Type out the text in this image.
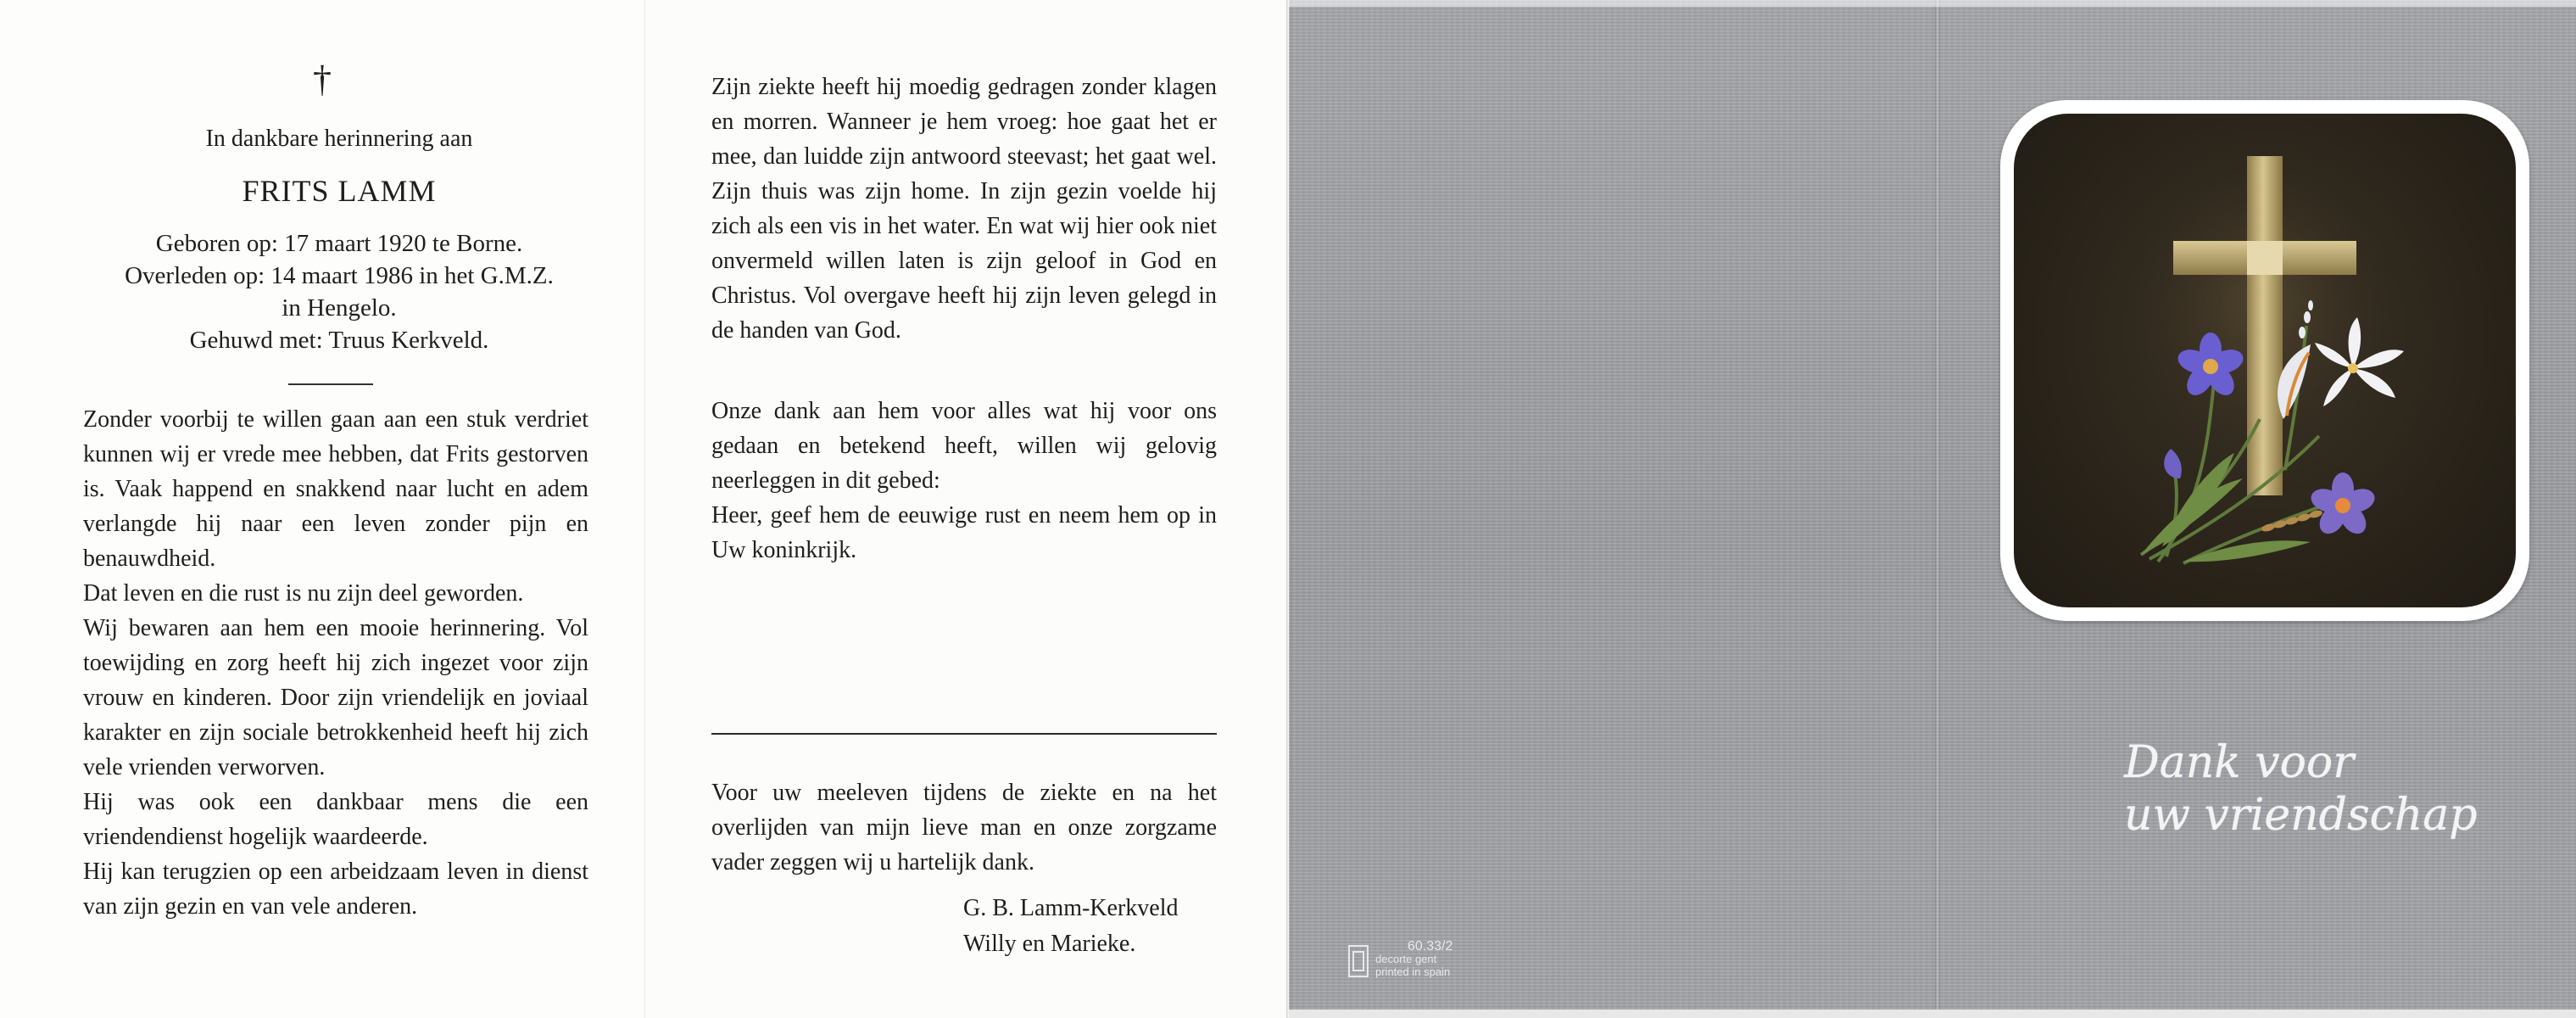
†
In dankbare herinnering aan
FRITS LAMM
Geboren op: 17 maart 1920 te Borne.
Overleden op: 14 maart 1986 in het G.M.Z.
in Hengelo.
Gehuwd met: Truus Kerkveld.

Zonder voorbij te willen gaan aan een stuk verdriet kunnen wij er vrede mee hebben, dat Frits gestorven is. Vaak happend en snakkend naar lucht en adem verlangde hij naar een leven zonder pijn en benauwdheid.

Dat leven en die rust is nu zijn deel geworden.

Wij bewaren aan hem een mooie herinnering. Vol toewijding en zorg heeft hij zich ingezet voor zijn vrouw en kinderen. Door zijn vriendelijk en joviaal karakter en zijn sociale betrokkenheid heeft hij zich vele vrienden verworven.

Hij was ook een dankbaar mens die een vriendendienst hogelijk waardeerde.

Hij kan terugzien op een arbeidzaam leven in dienst van zijn gezin en van vele anderen.

Zijn ziekte heeft hij moedig gedragen zonder klagen en morren. Wanneer je hem vroeg: hoe gaat het er mee, dan luidde zijn antwoord steevast; het gaat wel. Zijn thuis was zijn home. In zijn gezin voelde hij zich als een vis in het water. En wat wij hier ook niet onvermeld willen laten is zijn geloof in God en Christus. Vol overgave heeft hij zijn leven gelegd in de handen van God.

Onze dank aan hem voor alles wat hij voor ons gedaan en betekend heeft, willen wij gelovig neerleggen in dit gebed:

Heer, geef hem de eeuwige rust en neem hem op in Uw koninkrijk.

Voor uw meeleven tijdens de ziekte en na het overlijden van mijn lieve man en onze zorgzame vader zeggen wij u hartelijk dank.

G. B. Lamm-Kerkveld
Willy en Marieke.	60.33/2
decorte gent
printed in spain
Dank voor
uw vriendschap
